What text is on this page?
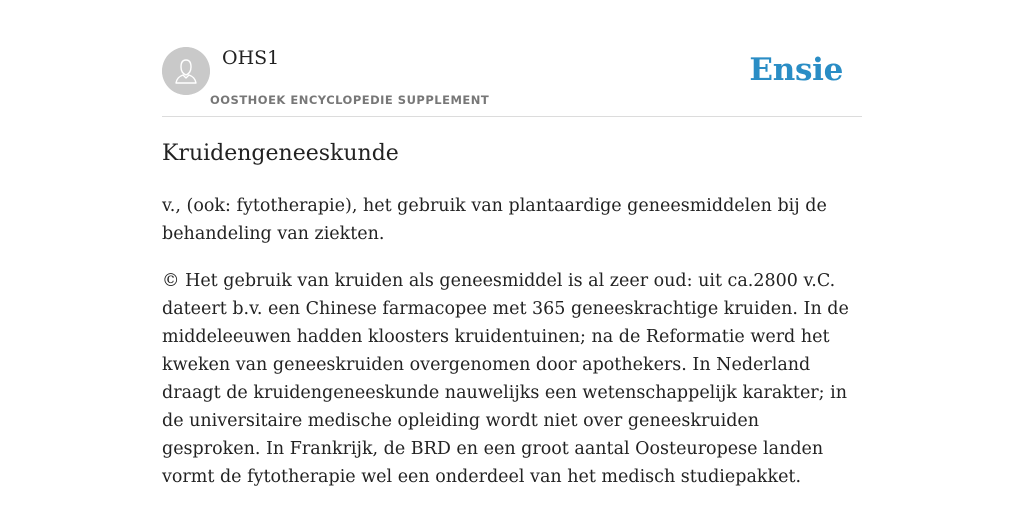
OHS1
OOSTHOEK ENCYCLOPEDIE SUPPLEMENT
Ensie
Kruidengeneeskunde

v., (ook: fytotherapie), het gebruik van plantaardige geneesmiddelen bij de behandeling van ziekten.

© Het gebruik van kruiden als geneesmiddel is al zeer oud: uit ca.2800 v.C. dateert b.v. een Chinese farmacopee met 365 geneeskrachtige kruiden. In de middeleeuwen hadden kloosters kruidentuinen; na de Reformatie werd het kweken van geneeskruiden overgenomen door apothekers. In Nederland draagt de kruidengeneeskunde nauwelijks een wetenschappelijk karakter; in de universitaire medische opleiding wordt niet over geneeskruiden gesproken. In Frankrijk, de BRD en een groot aantal Oosteuropese landen vormt de fytotherapie wel een onderdeel van het medisch studiepakket.
